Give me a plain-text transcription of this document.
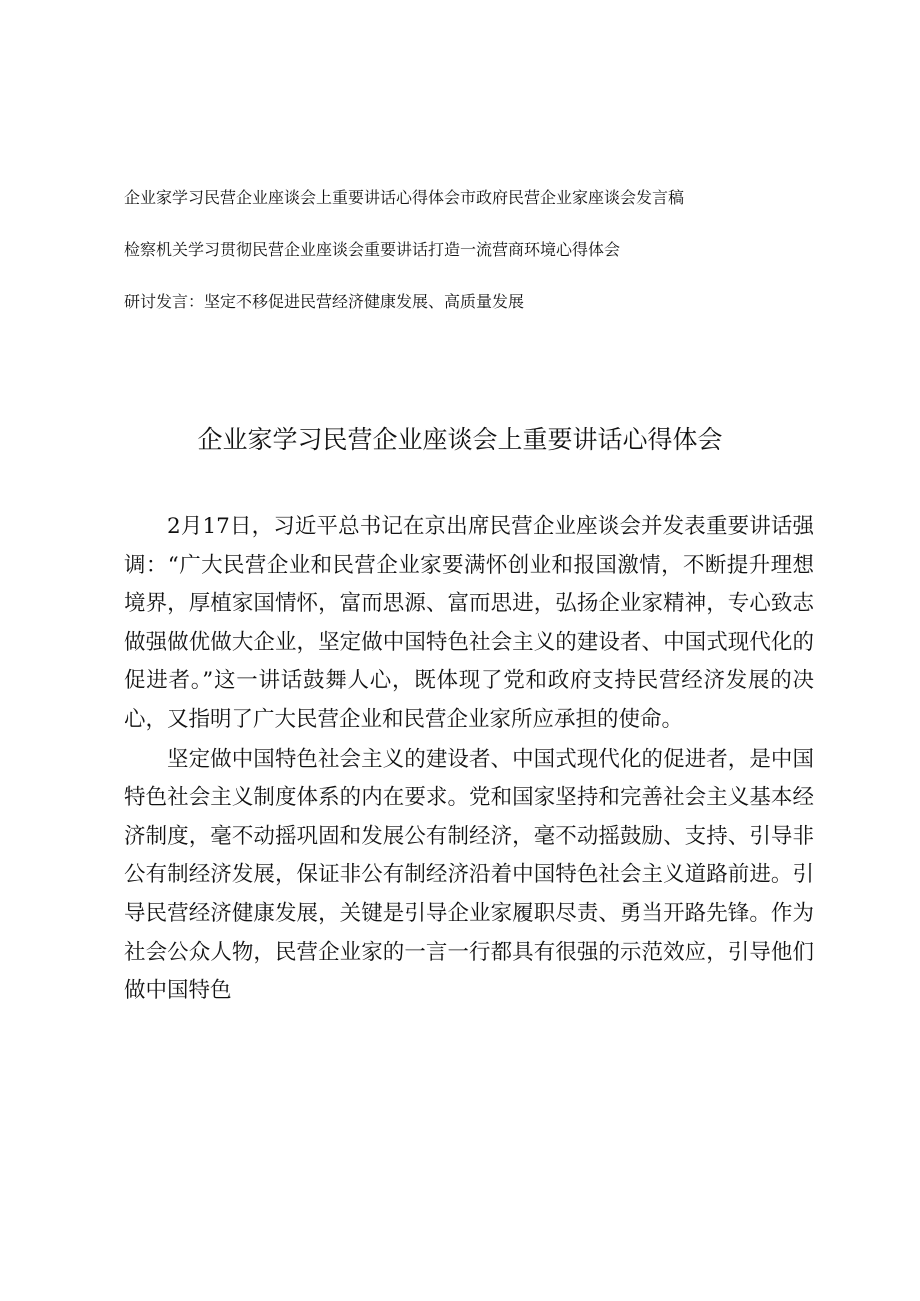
企业家学习民营企业座谈会上重要讲话心得体会市政府民营企业家座谈会发言稿
检察机关学习贯彻民营企业座谈会重要讲话打造一流营商环境心得体会
研讨发言：坚定不移促进民营经济健康发展、高质量发展
企业家学习民营企业座谈会上重要讲话心得体会

2月17日，习近平总书记在京出席民营企业座谈会并发表重要讲话强调：“广大民营企业和民营企业家要满怀创业和报国激情，不断提升理想境界，厚植家国情怀，富而思源、富而思进，弘扬企业家精神，专心致志做强做优做大企业，坚定做中国特色社会主义的建设者、中国式现代化的促进者。”这一讲话鼓舞人心，既体现了党和政府支持民营经济发展的决心，又指明了广大民营企业和民营企业家所应承担的使命。

坚定做中国特色社会主义的建设者、中国式现代化的促进者，是中国特色社会主义制度体系的内在要求。党和国家坚持和完善社会主义基本经济制度，毫不动摇巩固和发展公有制经济，毫不动摇鼓励、支持、引导非公有制经济发展，保证非公有制经济沿着中国特色社会主义道路前进。引导民营经济健康发展，关键是引导企业家履职尽责、勇当开路先锋。作为社会公众人物，民营企业家的一言一行都具有很强的示范效应，引导他们做中国特色
